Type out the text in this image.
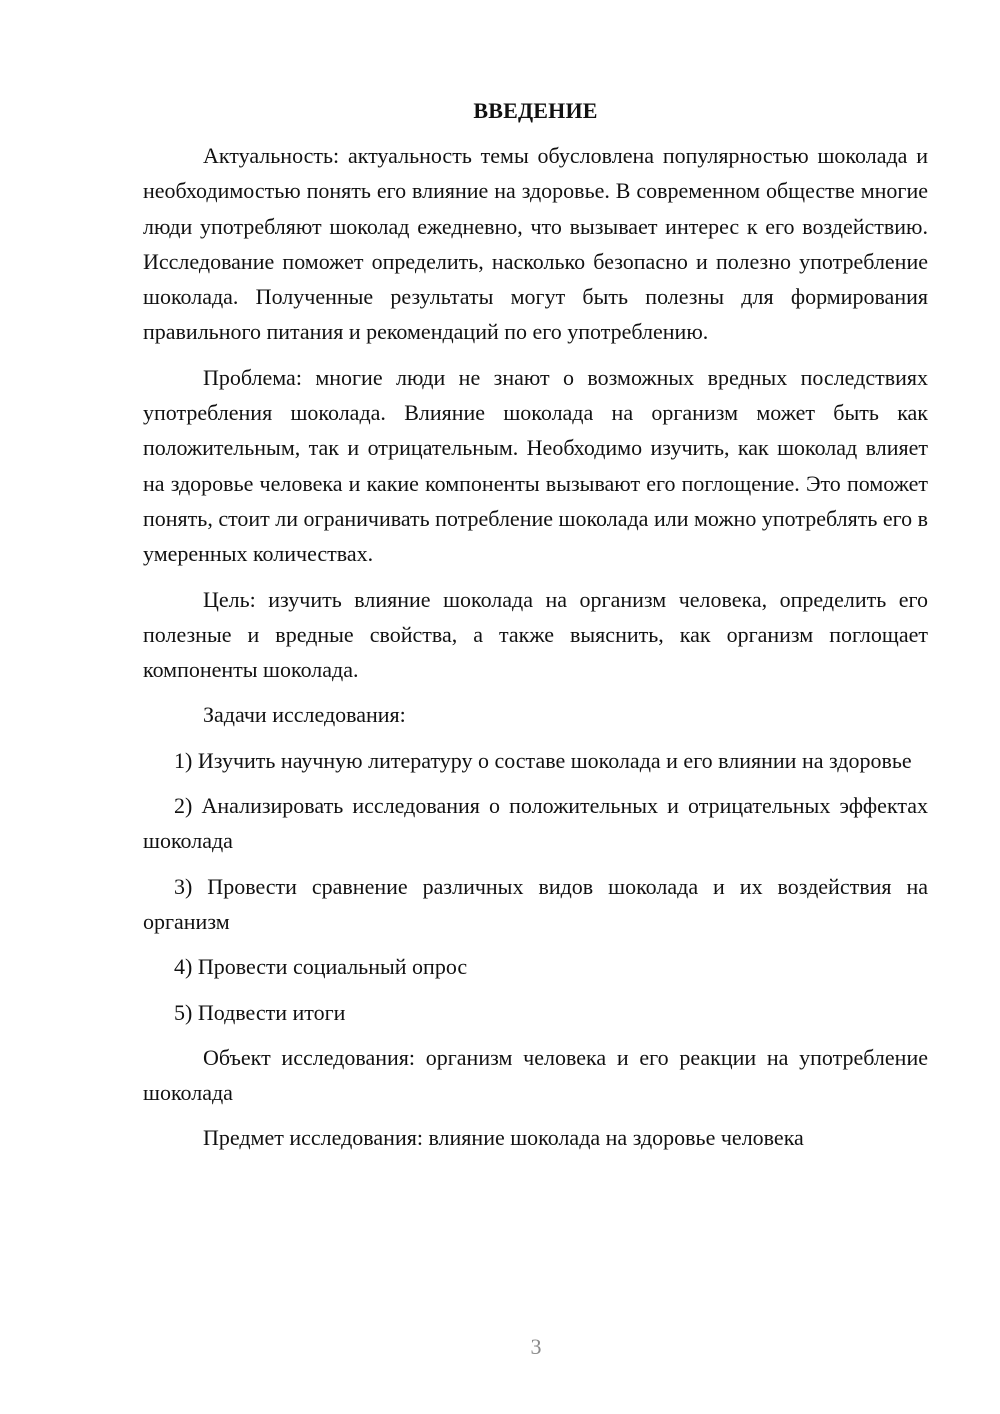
ВВЕДЕНИЕ

Актуальность: актуальность темы обусловлена популярностью шоколада и необходимостью понять его влияние на здоровье. В современном обществе многие люди употребляют шоколад ежедневно, что вызывает интерес к его воздействию. Исследование поможет определить, насколько безопасно и полезно употребление шоколада. Полученные результаты могут быть полезны для формирования правильного питания и рекомендаций по его употреблению.

Проблема: многие люди не знают о возможных вредных последствиях употребления шоколада. Влияние шоколада на организм может быть как положительным, так и отрицательным. Необходимо изучить, как шоколад влияет на здоровье человека и какие компоненты вызывают его поглощение. Это поможет понять, стоит ли ограничивать потребление шоколада или можно употреблять его в умеренных количествах.

Цель: изучить влияние шоколада на организм человека, определить его полезные и вредные свойства, а также выяснить, как организм поглощает компоненты шоколада.

Задачи исследования:

1) Изучить научную литературу о составе шоколада и его влиянии на здоровье

2) Анализировать исследования о положительных и отрицательных эффектах шоколада

3) Провести сравнение различных видов шоколада и их воздействия на организм

4) Провести социальный опрос

5) Подвести итоги

Объект исследования: организм человека и его реакции на употребление шоколада

Предмет исследования: влияние шоколада на здоровье человека

3
